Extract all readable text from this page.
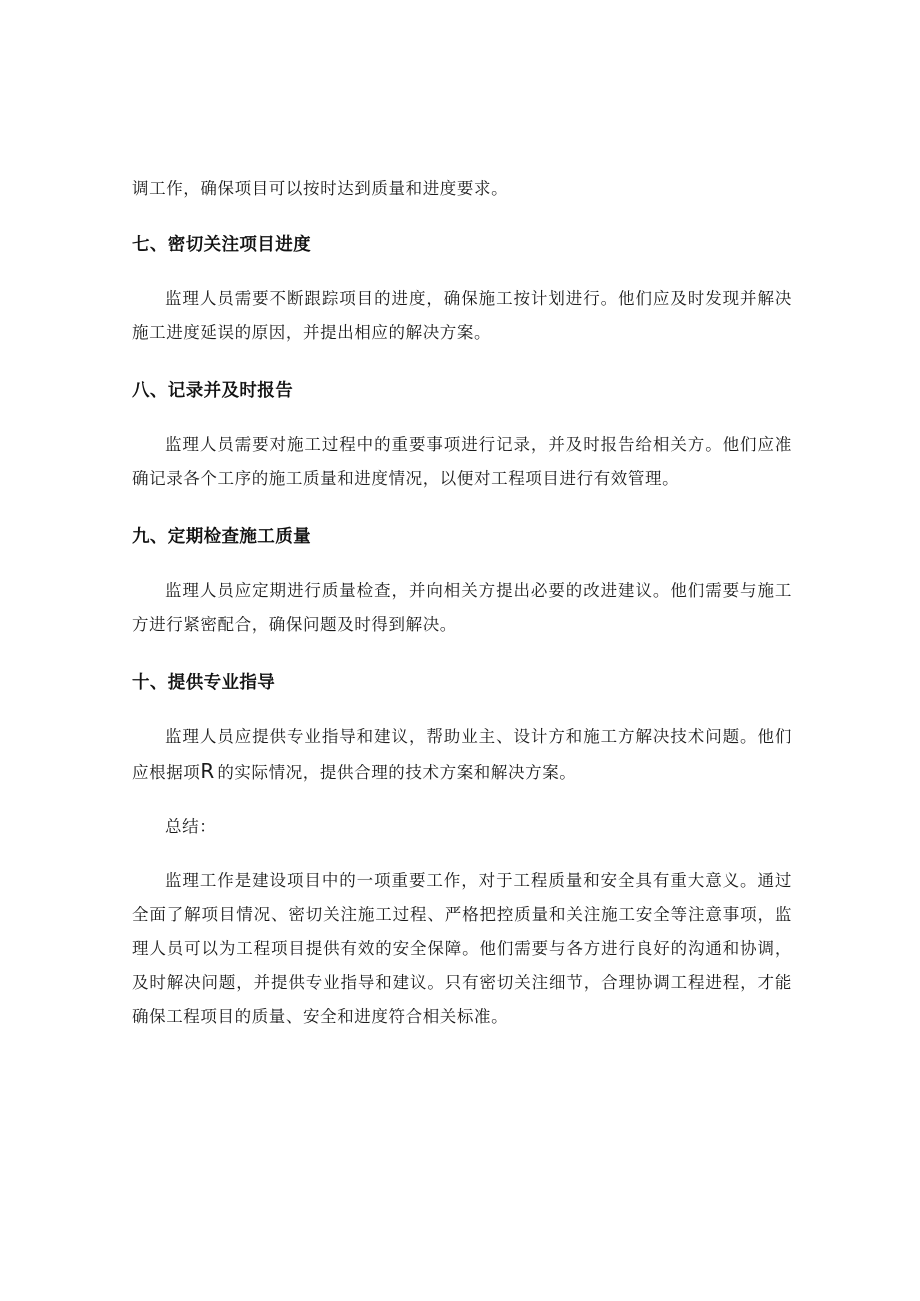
调工作，确保项目可以按时达到质量和进度要求。

七、密切关注项目进度

监理人员需要不断跟踪项目的进度，确保施工按计划进行。他们应及时发现并解决施工进度延误的原因，并提出相应的解决方案。

八、记录并及时报告

监理人员需要对施工过程中的重要事项进行记录，并及时报告给相关方。他们应准确记录各个工序的施工质量和进度情况，以便对工程项目进行有效管理。

九、定期检查施工质量

监理人员应定期进行质量检查，并向相关方提出必要的改进建议。他们需要与施工方进行紧密配合，确保问题及时得到解决。

十、提供专业指导

监理人员应提供专业指导和建议，帮助业主、设计方和施工方解决技术问题。他们应根据项R的实际情况，提供合理的技术方案和解决方案。

总结：

监理工作是建设项目中的一项重要工作，对于工程质量和安全具有重大意义。通过全面了解项目情况、密切关注施工过程、严格把控质量和关注施工安全等注意事项，监理人员可以为工程项目提供有效的安全保障。他们需要与各方进行良好的沟通和协调，及时解决问题，并提供专业指导和建议。只有密切关注细节，合理协调工程进程，才能确保工程项目的质量、安全和进度符合相关标准。
